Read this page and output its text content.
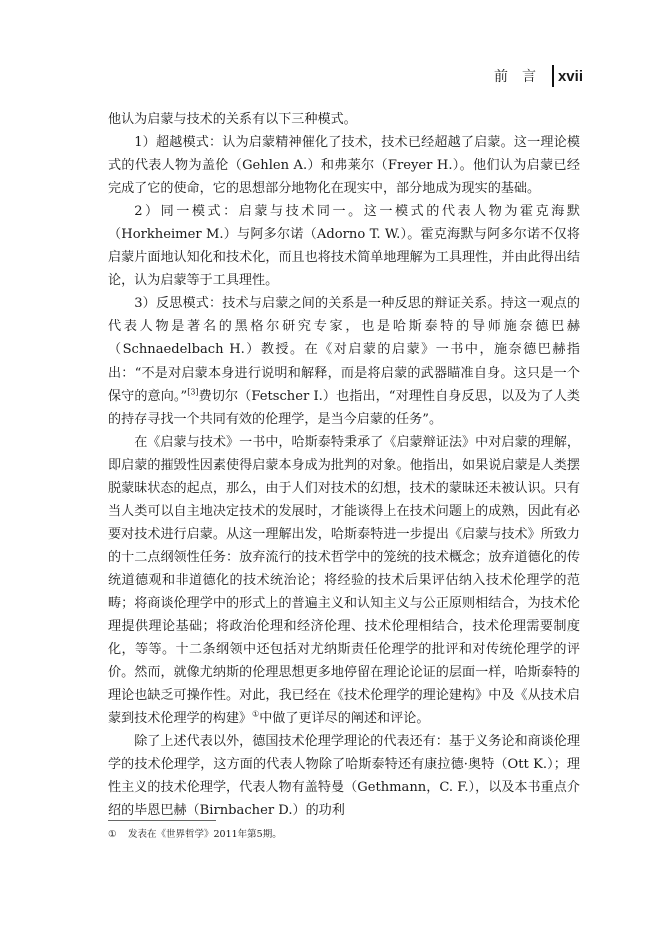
前言 xvii

他认为启蒙与技术的关系有以下三种模式。

1）超越模式：认为启蒙精神催化了技术，技术已经超越了启蒙。这一理论模式的代表人物为盖伦（Gehlen A.）和弗莱尔（Freyer H.）。他们认为启蒙已经完成了它的使命，它的思想部分地物化在现实中，部分地成为现实的基础。

2）同一模式：启蒙与技术同一。这一模式的代表人物为霍克海默（Horkheimer M.）与阿多尔诺（Adorno T. W.）。霍克海默与阿多尔诺不仅将启蒙片面地认知化和技术化，而且也将技术简单地理解为工具理性，并由此得出结论，认为启蒙等于工具理性。

3）反思模式：技术与启蒙之间的关系是一种反思的辩证关系。持这一观点的代表人物是著名的黑格尔研究专家，也是哈斯泰特的导师施奈德巴赫（Schnaedelbach H.）教授。在《对启蒙的启蒙》一书中，施奈德巴赫指出：“不是对启蒙本身进行说明和解释，而是将启蒙的武器瞄准自身。这只是一个保守的意向。”[3]费切尔（Fetscher I.）也指出，“对理性自身反思，以及为了人类的持存寻找一个共同有效的伦理学，是当今启蒙的任务”。

在《启蒙与技术》一书中，哈斯泰特秉承了《启蒙辩证法》中对启蒙的理解，即启蒙的摧毁性因素使得启蒙本身成为批判的对象。他指出，如果说启蒙是人类摆脱蒙昧状态的起点，那么，由于人们对技术的幻想，技术的蒙昧还未被认识。只有当人类可以自主地决定技术的发展时，才能谈得上在技术问题上的成熟，因此有必要对技术进行启蒙。从这一理解出发，哈斯泰特进一步提出《启蒙与技术》所致力的十二点纲领性任务：放弃流行的技术哲学中的笼统的技术概念；放弃道德化的传统道德观和非道德化的技术统治论；将经验的技术后果评估纳入技术伦理学的范畴；将商谈伦理学中的形式上的普遍主义和认知主义与公正原则相结合，为技术伦理提供理论基础；将政治伦理和经济伦理、技术伦理相结合，技术伦理需要制度化，等等。十二条纲领中还包括对尤纳斯责任伦理学的批评和对传统伦理学的评价。然而，就像尤纳斯的伦理思想更多地停留在理论论证的层面一样，哈斯泰特的理论也缺乏可操作性。对此，我已经在《技术伦理学的理论建构》中及《从技术启蒙到技术伦理学的构建》①中做了更详尽的阐述和评论。

除了上述代表以外，德国技术伦理学理论的代表还有：基于义务论和商谈伦理学的技术伦理学，这方面的代表人物除了哈斯泰特还有康拉德·奥特（Ott K.）；理性主义的技术伦理学，代表人物有盖特曼（Gethmann，C. F.），以及本书重点介绍的毕恩巴赫（Birnbacher D.）的功利

① 发表在《世界哲学》2011年第5期。
